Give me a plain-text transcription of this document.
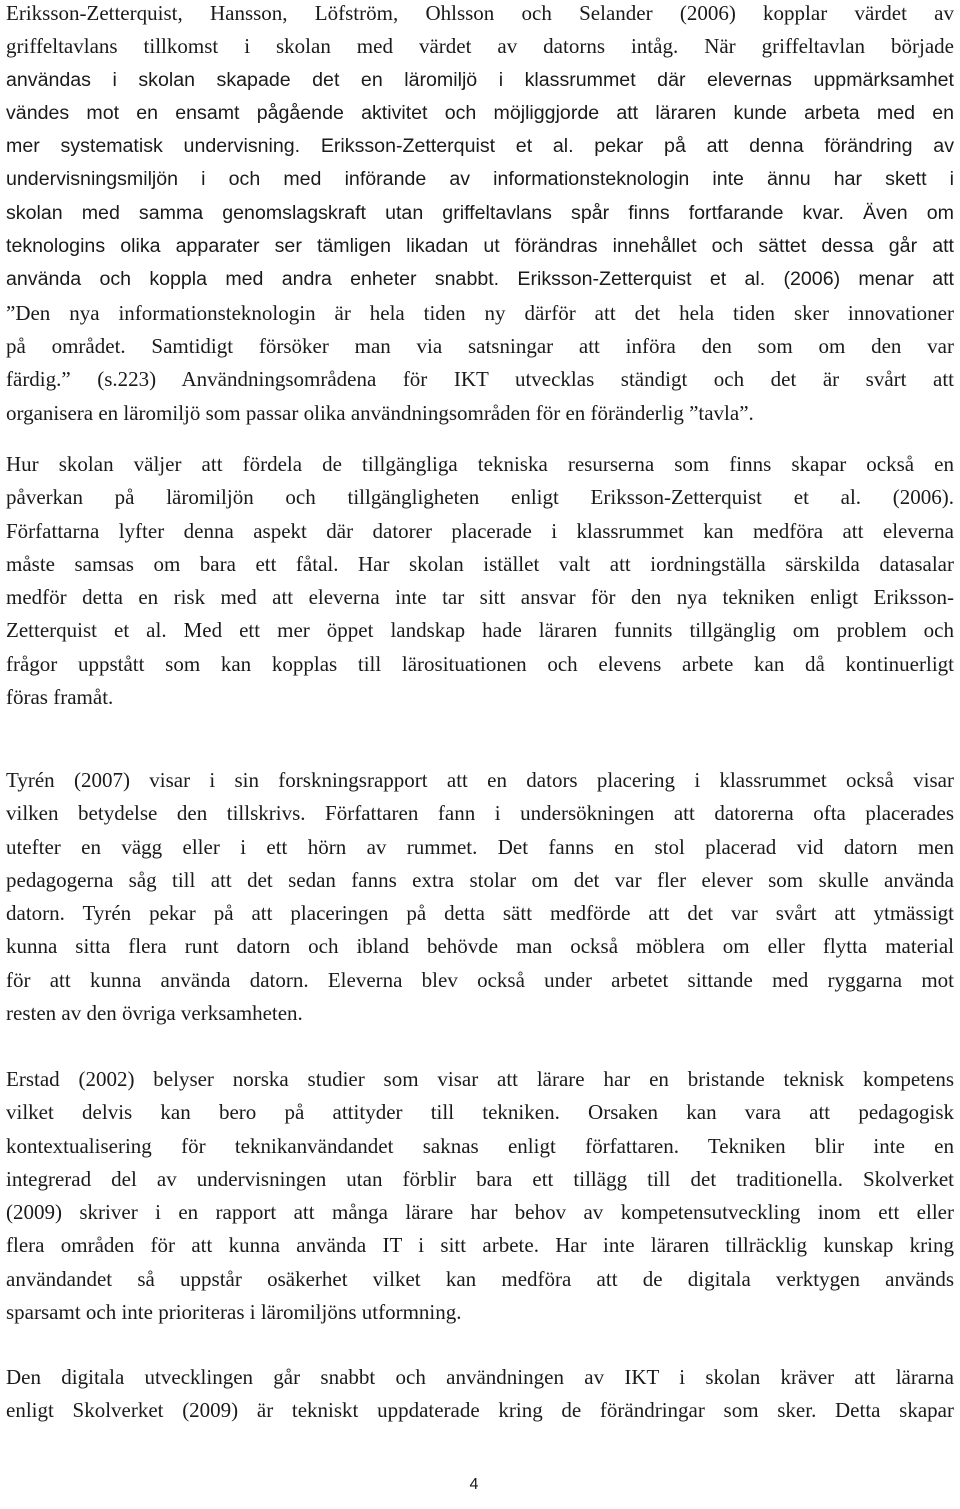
Eriksson-Zetterquist, Hansson, Löfström, Ohlsson och Selander (2006) kopplar värdet av
griffeltavlans tillkomst i skolan med värdet av datorns intåg. När griffeltavlan började
användas i skolan skapade det en läromiljö i klassrummet där elevernas uppmärksamhet
vändes mot en ensamt pågående aktivitet och möjliggjorde att läraren kunde arbeta med en
mer systematisk undervisning. Eriksson-Zetterquist et al. pekar på att denna förändring av
undervisningsmiljön i och med införande av informationsteknologin inte ännu har skett i
skolan med samma genomslagskraft utan griffeltavlans spår finns fortfarande kvar. Även om
teknologins olika apparater ser tämligen likadan ut förändras innehållet och sättet dessa går att
använda och koppla med andra enheter snabbt. Eriksson-Zetterquist et al. (2006) menar att
”Den nya informationsteknologin är hela tiden ny därför att det hela tiden sker innovationer
på området. Samtidigt försöker man via satsningar att införa den som om den var
färdig.” (s.223) Användningsområdena för IKT utvecklas ständigt och det är svårt att
organisera en läromiljö som passar olika användningsområden för en föränderlig ”tavla”.
Hur skolan väljer att fördela de tillgängliga tekniska resurserna som finns skapar också en
påverkan på läromiljön och tillgängligheten enligt Eriksson-Zetterquist et al. (2006).
Författarna lyfter denna aspekt där datorer placerade i klassrummet kan medföra att eleverna
måste samsas om bara ett fåtal. Har skolan istället valt att iordningställa särskilda datasalar
medför detta en risk med att eleverna inte tar sitt ansvar för den nya tekniken enligt Eriksson-
Zetterquist et al. Med ett mer öppet landskap hade läraren funnits tillgänglig om problem och
frågor uppstått som kan kopplas till lärosituationen och elevens arbete kan då kontinuerligt
föras framåt.
Tyrén (2007) visar i sin forskningsrapport att en dators placering i klassrummet också visar
vilken betydelse den tillskrivs. Författaren fann i undersökningen att datorerna ofta placerades
utefter en vägg eller i ett hörn av rummet. Det fanns en stol placerad vid datorn men
pedagogerna såg till att det sedan fanns extra stolar om det var fler elever som skulle använda
datorn. Tyrén pekar på att placeringen på detta sätt medförde att det var svårt att ytmässigt
kunna sitta flera runt datorn och ibland behövde man också möblera om eller flytta material
för att kunna använda datorn. Eleverna blev också under arbetet sittande med ryggarna mot
resten av den övriga verksamheten.
Erstad (2002) belyser norska studier som visar att lärare har en bristande teknisk kompetens
vilket delvis kan bero på attityder till tekniken. Orsaken kan vara att pedagogisk
kontextualisering för teknikanvändandet saknas enligt författaren. Tekniken blir inte en
integrerad del av undervisningen utan förblir bara ett tillägg till det traditionella. Skolverket
(2009) skriver i en rapport att många lärare har behov av kompetensutveckling inom ett eller
flera områden för att kunna använda IT i sitt arbete. Har inte läraren tillräcklig kunskap kring
användandet så uppstår osäkerhet vilket kan medföra att de digitala verktygen används
sparsamt och inte prioriteras i läromiljöns utformning.
Den digitala utvecklingen går snabbt och användningen av IKT i skolan kräver att lärarna
enligt Skolverket (2009) är tekniskt uppdaterade kring de förändringar som sker. Detta skapar
4
